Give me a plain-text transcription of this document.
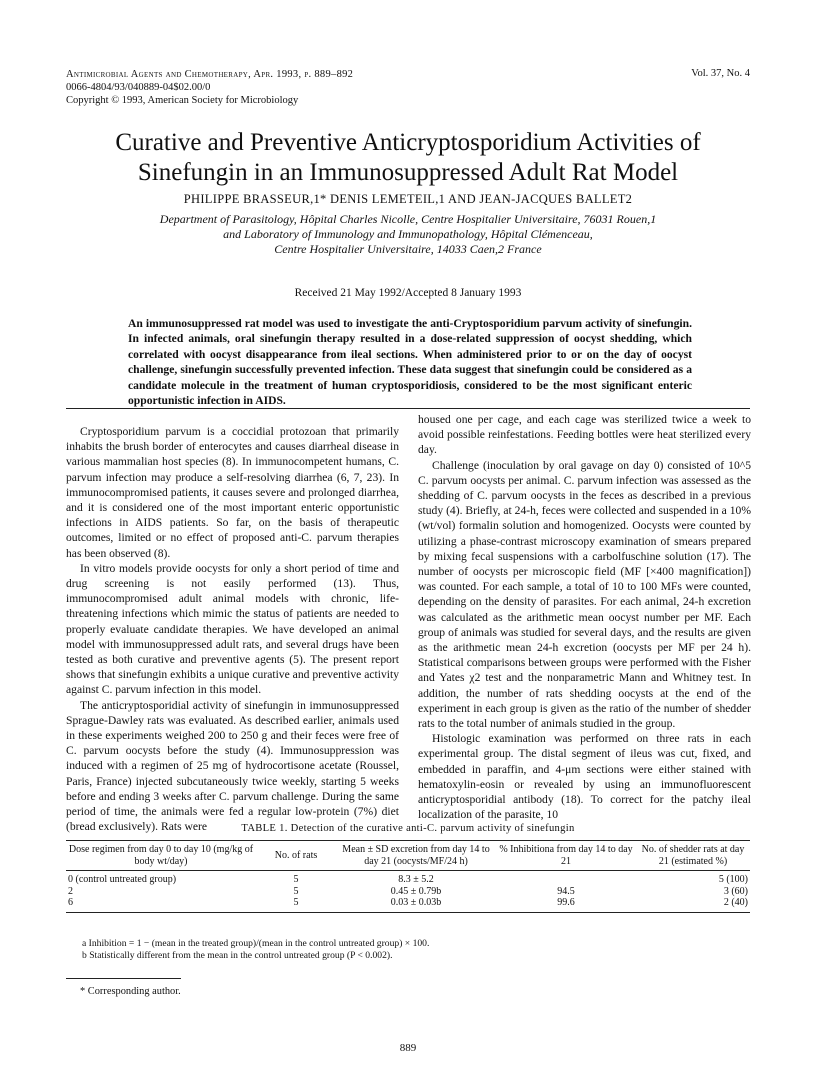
Antimicrobial Agents and Chemotherapy, Apr. 1993, p. 889–892
0066-4804/93/040889-04$02.00/0
Copyright © 1993, American Society for Microbiology
Vol. 37, No. 4
Curative and Preventive Anticryptosporidium Activities of
Sinefungin in an Immunosuppressed Adult Rat Model
PHILIPPE BRASSEUR,1* DENIS LEMETEIL,1 AND JEAN-JACQUES BALLET2
Department of Parasitology, Hôpital Charles Nicolle, Centre Hospitalier Universitaire, 76031 Rouen,1
and Laboratory of Immunology and Immunopathology, Hôpital Clémenceau,
Centre Hospitalier Universitaire, 14033 Caen,2 France
Received 21 May 1992/Accepted 8 January 1993
An immunosuppressed rat model was used to investigate the anti-Cryptosporidium parvum activity of sinefungin. In infected animals, oral sinefungin therapy resulted in a dose-related suppression of oocyst shedding, which correlated with oocyst disappearance from ileal sections. When administered prior to or on the day of oocyst challenge, sinefungin successfully prevented infection. These data suggest that sinefungin could be considered as a candidate molecule in the treatment of human cryptosporidiosis, considered to be the most significant enteric opportunistic infection in AIDS.

Cryptosporidium parvum is a coccidial protozoan that primarily inhabits the brush border of enterocytes and causes diarrheal disease in various mammalian host species (8). In immunocompetent humans, C. parvum infection may produce a self-resolving diarrhea (6, 7, 23). In immunocompromised patients, it causes severe and prolonged diarrhea, and it is considered one of the most important enteric opportunistic infections in AIDS patients. So far, on the basis of therapeutic outcomes, limited or no effect of proposed anti-C. parvum therapies has been observed (8).

In vitro models provide oocysts for only a short period of time and drug screening is not easily performed (13). Thus, immunocompromised adult animal models with chronic, life-threatening infections which mimic the status of patients are needed to properly evaluate candidate therapies. We have developed an animal model with immunosuppressed adult rats, and several drugs have been tested as both curative and preventive agents (5). The present report shows that sinefungin exhibits a unique curative and preventive activity against C. parvum infection in this model.

The anticryptosporidial activity of sinefungin in immunosuppressed Sprague-Dawley rats was evaluated. As described earlier, animals used in these experiments weighed 200 to 250 g and their feces were free of C. parvum oocysts before the study (4). Immunosuppression was induced with a regimen of 25 mg of hydrocortisone acetate (Roussel, Paris, France) injected subcutaneously twice weekly, starting 5 weeks before and ending 3 weeks after C. parvum challenge. During the same period of time, the animals were fed a regular low-protein (7%) diet (bread exclusively). Rats were

housed one per cage, and each cage was sterilized twice a week to avoid possible reinfestations. Feeding bottles were heat sterilized every day.

Challenge (inoculation by oral gavage on day 0) consisted of 10^5 C. parvum oocysts per animal. C. parvum infection was assessed as the shedding of C. parvum oocysts in the feces as described in a previous study (4). Briefly, at 24-h, feces were collected and suspended in a 10% (wt/vol) formalin solution and homogenized. Oocysts were counted by utilizing a phase-contrast microscopy examination of smears prepared by mixing fecal suspensions with a carbolfuschine solution (17). The number of oocysts per microscopic field (MF [×400 magnification]) was counted. For each sample, a total of 10 to 100 MFs were counted, depending on the density of parasites. For each animal, 24-h excretion was calculated as the arithmetic mean oocyst number per MF. Each group of animals was studied for several days, and the results are given as the arithmetic mean 24-h excretion (oocysts per MF per 24 h). Statistical comparisons between groups were performed with the Fisher and Yates χ2 test and the nonparametric Mann and Whitney test. In addition, the number of rats shedding oocysts at the end of the experiment in each group is given as the ratio of the number of shedder rats to the total number of animals studied in the group.

Histologic examination was performed on three rats in each experimental group. The distal segment of ileus was cut, fixed, and embedded in paraffin, and 4-μm sections were either stained with hematoxylin-eosin or revealed by using an immunofluorescent anticryptosporidial antibody (18). To correct for the patchy ileal localization of the parasite, 10

TABLE 1. Detection of the curative anti-C. parvum activity of sinefungin
Dose regimen from day 0 to day 10 (mg/kg of body wt/day)	No. of rats	Mean ± SD excretion from day 14 to day 21 (oocysts/MF/24 h)	% Inhibitiona from day 14 to day 21	No. of shedder rats at day 21 (estimated %)
0 (control untreated group)	5	8.3 ± 5.2		5 (100)
2	5	0.45 ± 0.79b	94.5	3 (60)
6	5	0.03 ± 0.03b	99.6	2 (40)
a Inhibition = 1 − (mean in the treated group)/(mean in the control untreated group) × 100.
b Statistically different from the mean in the control untreated group (P < 0.002).
* Corresponding author.
889
